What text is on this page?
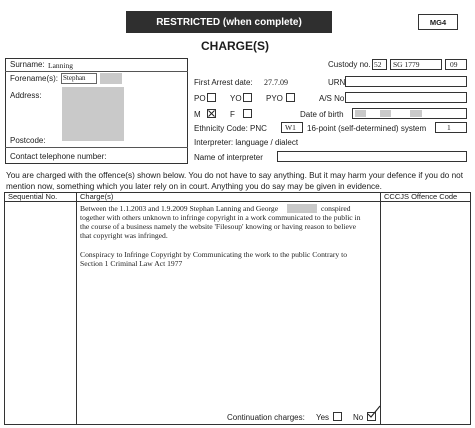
RESTRICTED (when complete)	MG4
CHARGE(S)
Surname: Lanning
Forename(s): Stephan
Address:
Postcode:
Contact telephone number:
Custody no. 52 SG 1779	09
First Arrest date: 27.7.09	URN
PO	YO	PYO	A/S No.
M	F	Date of birth
Ethnicity Code: PNC W1 16-point (self-determined) system	1
Interpreter: language / dialect
Name of interpreter
You are charged with the offence(s) shown below. You do not have to say anything. But it may harm your defence if you do not mention now, something which you later rely on in court. Anything you do say may be given in evidence.
Sequential No.	Charge(s)	CCCJS Offence Code
Between the 1.1.2003 and 1.9.2009 Stephan Lanning and George	conspired
together with others unknown to infringe copyright in a work communicated to the public in
the course of a business namely the website 'Filesoup' knowing or having reason to believe
that copyright was infringed.
Conspiracy to Infringe Copyright by Communicating the work to the public Contrary to
Section 1 Criminal Law Act 1977
Continuation charges: Yes	No
